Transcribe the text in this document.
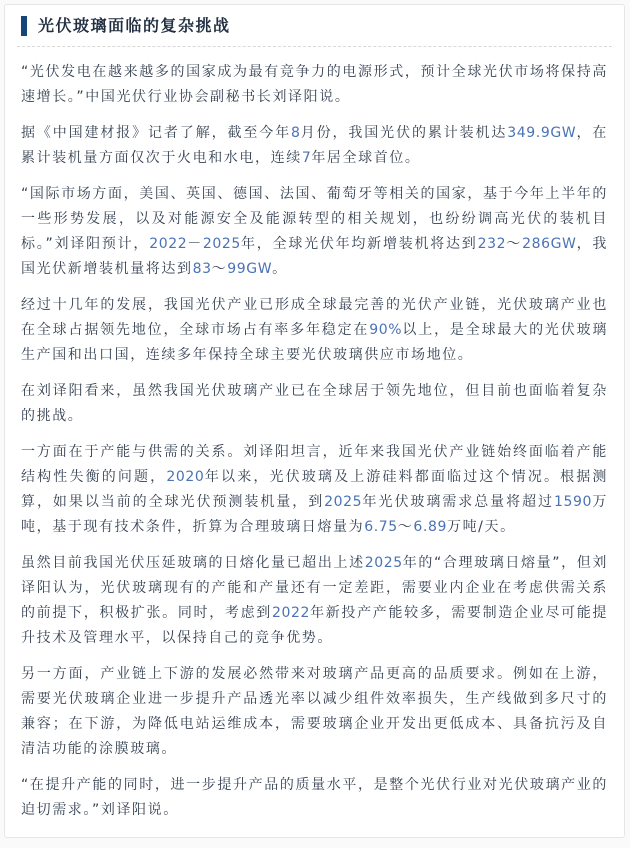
光伏玻璃面临的复杂挑战

“光伏发电在越来越多的国家成为最有竞争力的电源形式，预计全球光伏市场将保持高速增长。”中国光伏行业协会副秘书长刘译阳说。

据《中国建材报》记者了解，截至今年8月份，我国光伏的累计装机达349.9GW，在累计装机量方面仅次于火电和水电，连续7年居全球首位。

“国际市场方面，美国、英国、德国、法国、葡萄牙等相关的国家，基于今年上半年的一些形势发展，以及对能源安全及能源转型的相关规划，也纷纷调高光伏的装机目标。”刘译阳预计，2022－2025年，全球光伏年均新增装机将达到232～286GW，我国光伏新增装机量将达到83～99GW。

经过十几年的发展，我国光伏产业已形成全球最完善的光伏产业链，光伏玻璃产业也在全球占据领先地位，全球市场占有率多年稳定在90%以上，是全球最大的光伏玻璃生产国和出口国，连续多年保持全球主要光伏玻璃供应市场地位。

在刘译阳看来，虽然我国光伏玻璃产业已在全球居于领先地位，但目前也面临着复杂的挑战。

一方面在于产能与供需的关系。刘译阳坦言，近年来我国光伏产业链始终面临着产能结构性失衡的问题，2020年以来，光伏玻璃及上游硅料都面临过这个情况。根据测算，如果以当前的全球光伏预测装机量，到2025年光伏玻璃需求总量将超过1590万吨，基于现有技术条件，折算为合理玻璃日熔量为6.75～6.89万吨/天。

虽然目前我国光伏压延玻璃的日熔化量已超出上述2025年的“合理玻璃日熔量”，但刘译阳认为，光伏玻璃现有的产能和产量还有一定差距，需要业内企业在考虑供需关系的前提下，积极扩张。同时，考虑到2022年新投产产能较多，需要制造企业尽可能提升技术及管理水平，以保持自己的竞争优势。

另一方面，产业链上下游的发展必然带来对玻璃产品更高的品质要求。例如在上游，需要光伏玻璃企业进一步提升产品透光率以减少组件效率损失，生产线做到多尺寸的兼容；在下游，为降低电站运维成本，需要玻璃企业开发出更低成本、具备抗污及自清洁功能的涂膜玻璃。

“在提升产能的同时，进一步提升产品的质量水平，是整个光伏行业对光伏玻璃产业的迫切需求。”刘译阳说。
